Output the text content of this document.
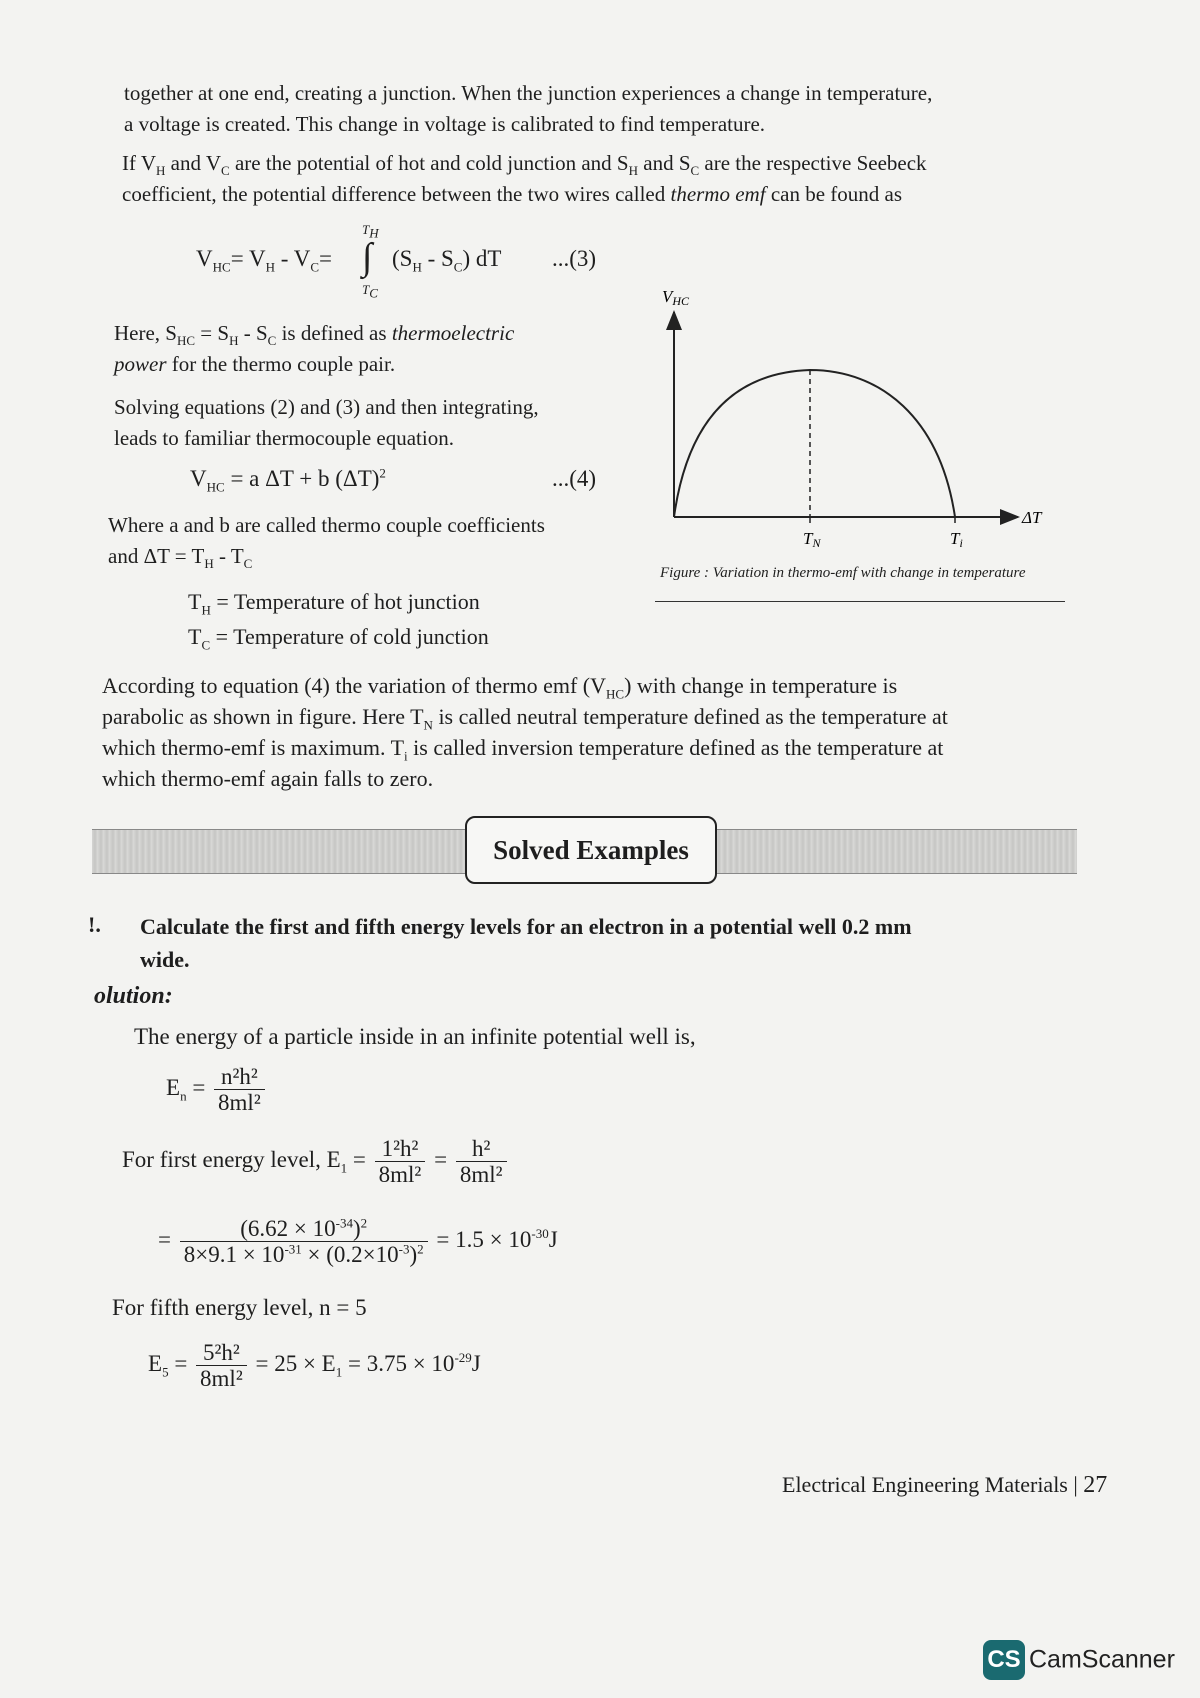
together at one end, creating a junction. When the junction experiences a change in temperature,
a voltage is created. This change in voltage is calibrated to find temperature.
If $V_H$ and $V_C$ are the potential of hot and cold junction and $S_H$ and $S_C$ are the respective Seebeck
coefficient, the potential difference between the two wires called thermo emf can be found as
$V_{HC}= V_H - V_C=$
$T_H$
∫
$T_C$
$(S_H - S_C)$ dT ...(3)
Here, $S_{HC} = S_H - S_C$ is defined as thermoelectric
power for the thermo couple pair.
Solving equations (2) and (3) and then integrating,
leads to familiar thermocouple equation.
$V_{HC} = a$ ΔT + b $(\Delta T)^2$	...(4)
Where a and b are called thermo couple coefficients
and $\Delta T = T_H - T_C$
$T_H$ = Temperature of hot junction
$T_C$ = Temperature of cold junction
VHC
ΔT
TN	Ti
Figure : Variation in thermo-emf with change in temperature
According to equation (4) the variation of thermo emf $(V_{HC})$ with change in temperature is
parabolic as shown in figure. Here $T_N$ is called neutral temperature defined as the temperature at
which thermo-emf is maximum. $T_i$ is called inversion temperature defined as the temperature at
which thermo-emf again falls to zero.
Solved Examples
!. Calculate the first and fifth energy levels for an electron in a potential well 0.2 mm
wide.
olution:
The energy of a particle inside in an infinite potential well is,
$E_n = \frac{\text{n²h²}}{\text{8ml²}}$
For first energy level, $E_1 = \frac{\text{1²h²}}{\text{8ml²}} = \frac{\text{h²}}{\text{8ml²}}$
= $\frac{(6.62 \times 10^{-34})^2}{8\times 9.1 \times 10^{-31} \times (0.2\times 10^{-3})^2} = 1.5 \times 10^{-30}J$
For fifth energy level, n = 5
$E_5 = \frac{\text{5²h²}}{\text{8ml²}} = 25 \times E_1 = 3.75 \times 10^{-29}J$
Electrical Engineering Materials | 27
CS CamScanner
